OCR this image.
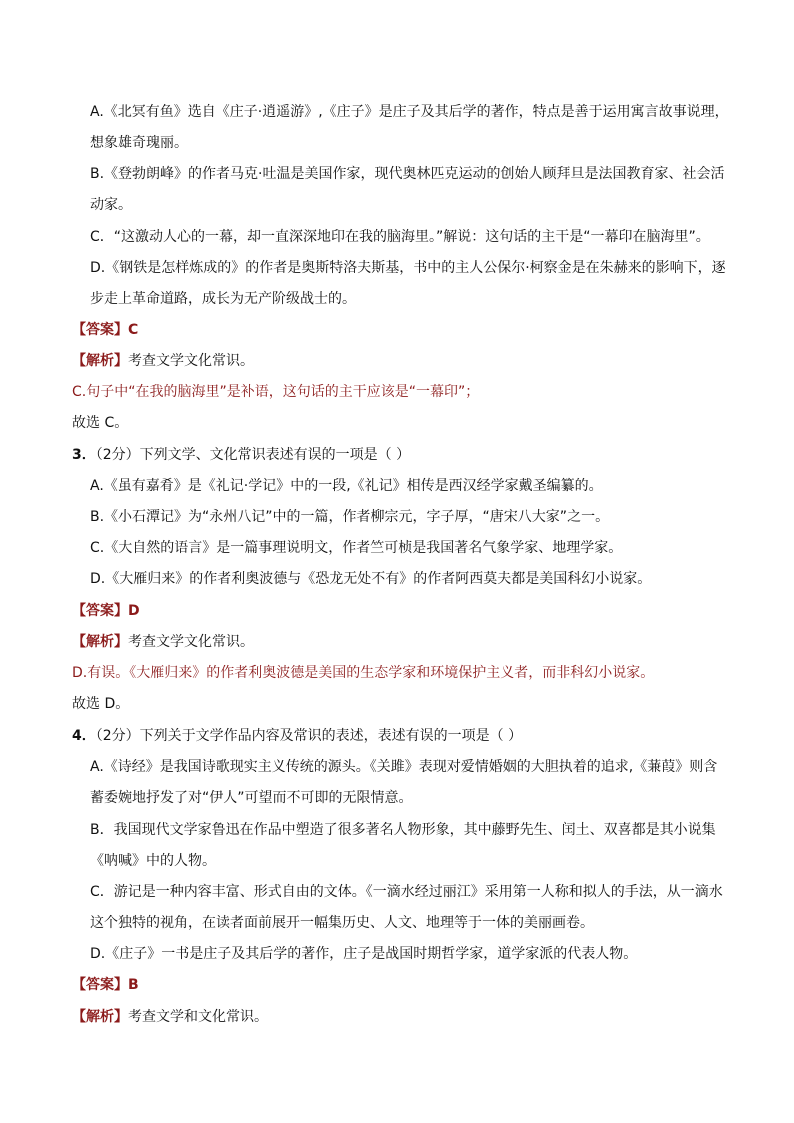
A.《北冥有鱼》选自《庄子·逍遥游》,《庄子》是庄子及其后学的著作，特点是善于运用寓言故事说理，
想象雄奇瑰丽。
B.《登勃朗峰》的作者马克·吐温是美国作家，现代奥林匹克运动的创始人顾拜旦是法国教育家、社会活
动家。
C．“这激动人心的一幕，却一直深深地印在我的脑海里。”解说：这句话的主干是“一幕印在脑海里”。
D.《钢铁是怎样炼成的》的作者是奥斯特洛夫斯基，书中的主人公保尔·柯察金是在朱赫来的影响下，逐
步走上革命道路，成长为无产阶级战士的。
【答案】C
【解析】考查文学文化常识。
C.句子中“在我的脑海里”是补语，这句话的主干应该是“一幕印”；
故选 C。
3．（2分）下列文学、文化常识表述有误的一项是（ ）
A.《虽有嘉肴》是《礼记·学记》中的一段,《礼记》相传是西汉经学家戴圣编纂的。
B.《小石潭记》为“永州八记”中的一篇，作者柳宗元，字子厚，“唐宋八大家”之一。
C.《大自然的语言》是一篇事理说明文，作者竺可桢是我国著名气象学家、地理学家。
D.《大雁归来》的作者利奥波德与《恐龙无处不有》的作者阿西莫夫都是美国科幻小说家。
【答案】D
【解析】考查文学文化常识。
D.有误。《大雁归来》的作者利奥波德是美国的生态学家和环境保护主义者，而非科幻小说家。
故选 D。
4．（2分）下列关于文学作品内容及常识的表述，表述有误的一项是（ ）
A.《诗经》是我国诗歌现实主义传统的源头。《关雎》表现对爱情婚姻的大胆执着的追求,《蒹葭》则含
蓄委婉地抒发了对“伊人”可望而不可即的无限情意。
B．我国现代文学家鲁迅在作品中塑造了很多著名人物形象，其中藤野先生、闰土、双喜都是其小说集
《呐喊》中的人物。
C．游记是一种内容丰富、形式自由的文体。《一滴水经过丽江》采用第一人称和拟人的手法，从一滴水
这个独特的视角，在读者面前展开一幅集历史、人文、地理等于一体的美丽画卷。
D.《庄子》一书是庄子及其后学的著作，庄子是战国时期哲学家，道学家派的代表人物。
【答案】B
【解析】考查文学和文化常识。
